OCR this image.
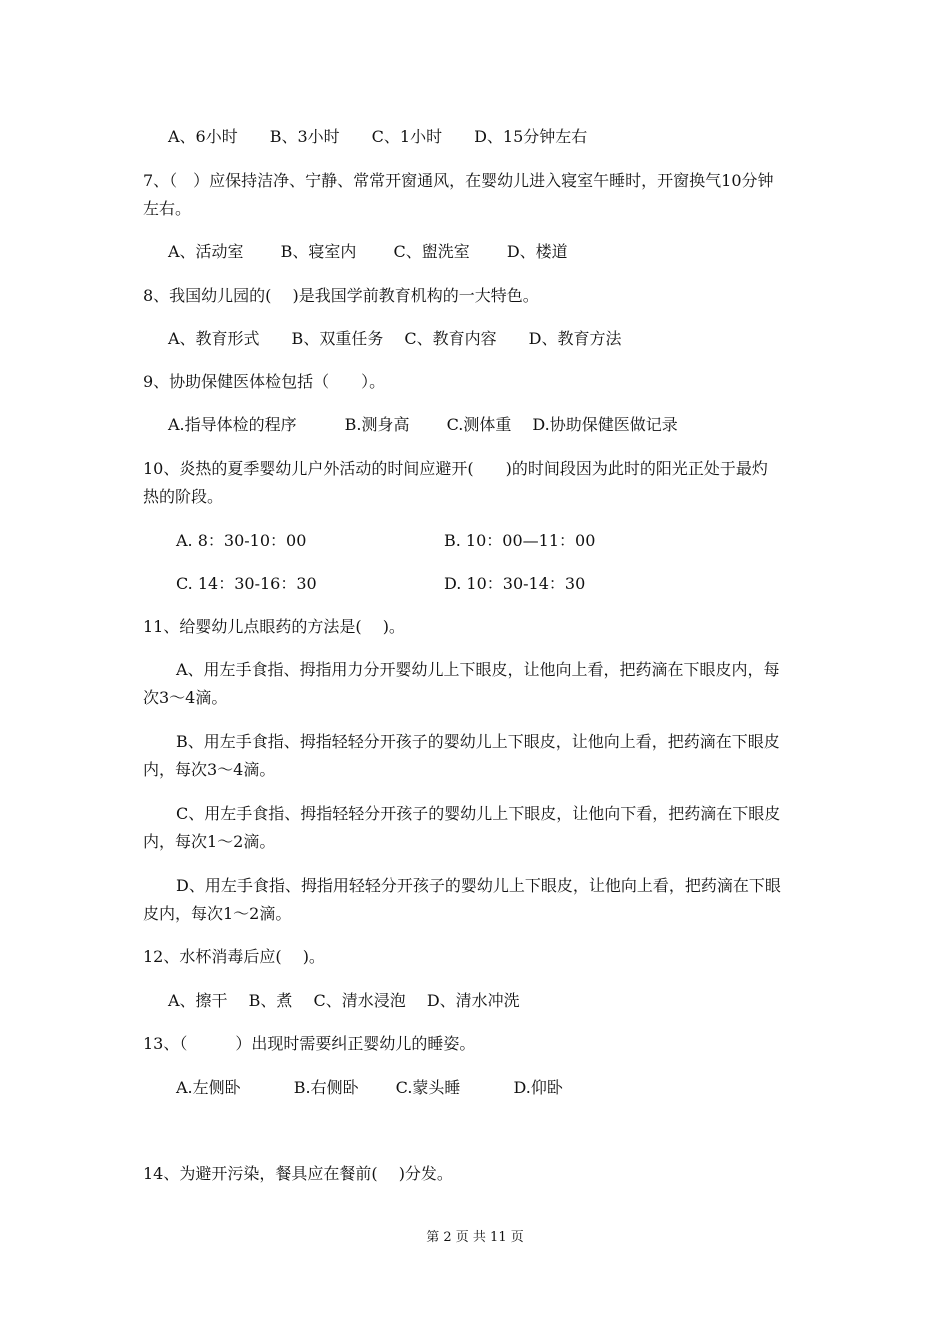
A、6小时　　B、3小时　　C、1小时　　D、15分钟左右

7、（　）应保持洁净、宁静、常常开窗通风，在婴幼儿进入寝室午睡时，开窗换气10分钟

左右。

A、活动室　　 B、寝室内　　 C、盥洗室　　 D、楼道

8、我国幼儿园的(　 )是我国学前教育机构的一大特色。

A、教育形式　　B、双重任务　 C、教育内容　　D、教育方法

9、协助保健医体检包括（　　）。

A.指导体检的程序　　　B.测身高　　 C.测体重　 D.协助保健医做记录

10、炎热的夏季婴幼儿户外活动的时间应避开(　　)的时间段因为此时的阳光正处于最灼

热的阶段。

A. 8：30-10：00	B. 10：00—11：00

C. 14：30-16：30	D. 10：30-14：30

11、给婴幼儿点眼药的方法是(　 )。

A、用左手食指、拇指用力分开婴幼儿上下眼皮，让他向上看，把药滴在下眼皮内，每

次3～4滴。

B、用左手食指、拇指轻轻分开孩子的婴幼儿上下眼皮，让他向上看，把药滴在下眼皮

内，每次3～4滴。

C、用左手食指、拇指轻轻分开孩子的婴幼儿上下眼皮，让他向下看，把药滴在下眼皮

内，每次1～2滴。

D、用左手食指、拇指用轻轻分开孩子的婴幼儿上下眼皮，让他向上看，把药滴在下眼

皮内，每次1～2滴。

12、水杯消毒后应(　 )。

A、擦干　 B、煮　 C、清水浸泡　 D、清水冲洗

13、（　　　）出现时需要纠正婴幼儿的睡姿。

A.左侧卧　　　 B.右侧卧　　 C.蒙头睡　　　 D.仰卧

14、为避开污染，餐具应在餐前(　 )分发。

第 2 页 共 11 页
